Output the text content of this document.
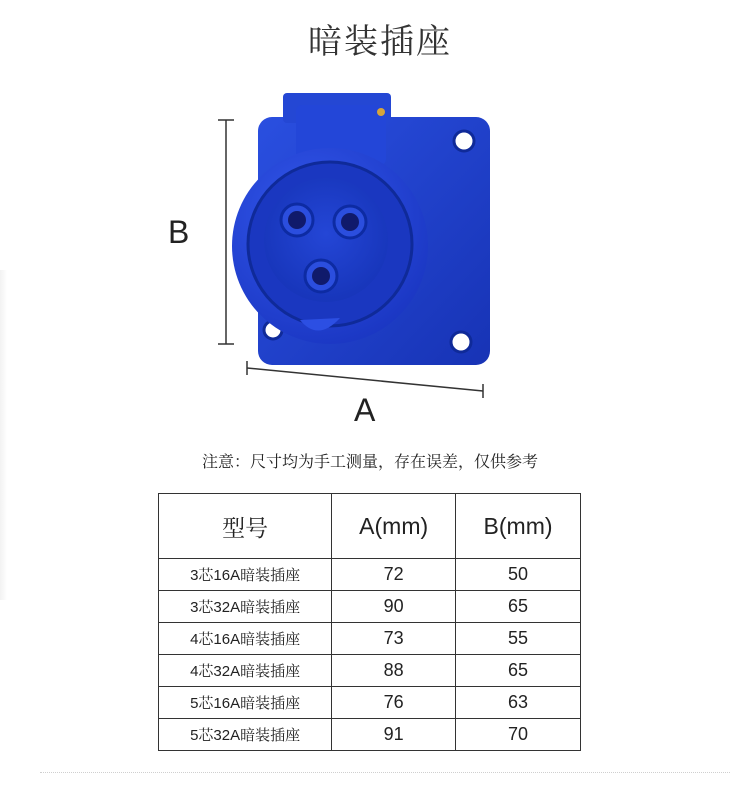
暗装插座
A
B
注意：尺寸均为手工测量，存在误差，仅供参考
型号	A(mm)	B(mm)
3芯16A暗装插座	72	50
3芯32A暗装插座	90	65
4芯16A暗装插座	73	55
4芯32A暗装插座	88	65
5芯16A暗装插座	76	63
5芯32A暗装插座	91	70
